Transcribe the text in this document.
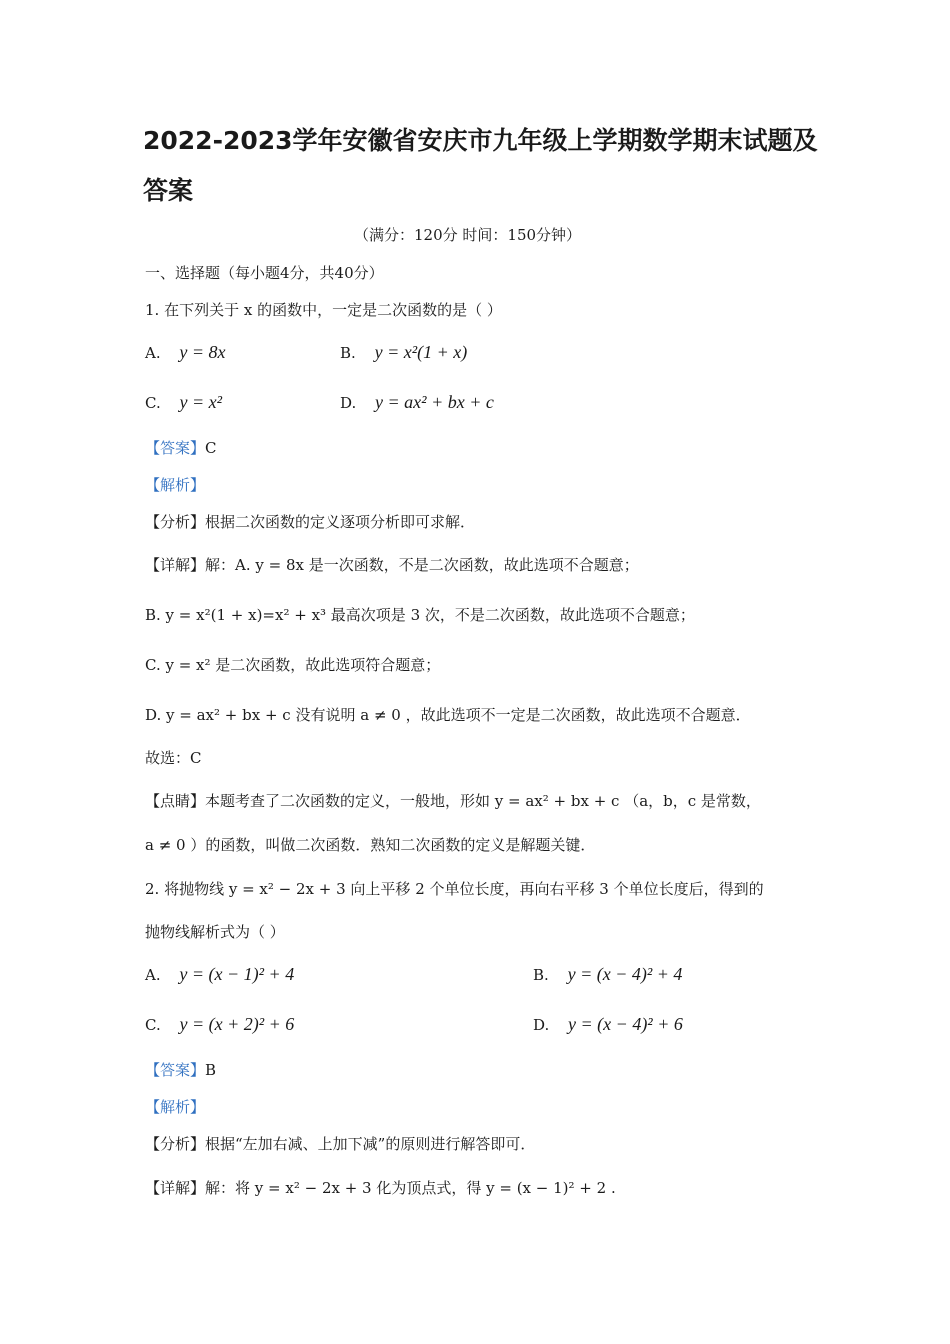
2022-2023学年安徽省安庆市九年级上学期数学期末试题及答案
（满分：120分 时间：150分钟）
一、选择题（每小题4分，共40分）
1. 在下列关于 x 的函数中，一定是二次函数的是（ ）
A. y = 8x	B. y = x²(1 + x)
C. y = x²	D. y = ax² + bx + c
【答案】C
【解析】
【分析】根据二次函数的定义逐项分析即可求解．
【详解】解：A. y = 8x 是一次函数，不是二次函数，故此选项不合题意；
B. y = x²(1 + x)=x² + x³ 最高次项是 3 次，不是二次函数，故此选项不合题意；
C. y = x² 是二次函数，故此选项符合题意；
D. y = ax² + bx + c 没有说明 a ≠ 0 ，故此选项不一定是二次函数，故此选项不合题意．
故选：C
【点睛】本题考查了二次函数的定义，一般地，形如 y = ax² + bx + c （a，b，c 是常数，
a ≠ 0 ）的函数，叫做二次函数．熟知二次函数的定义是解题关键．
2. 将抛物线 y = x² − 2x + 3 向上平移 2 个单位长度，再向右平移 3 个单位长度后，得到的
抛物线解析式为（ ）
A. y = (x − 1)² + 4	B. y = (x − 4)² + 4
C. y = (x + 2)² + 6	D. y = (x − 4)² + 6
【答案】B
【解析】
【分析】根据“左加右减、上加下减”的原则进行解答即可．
【详解】解：将 y = x² − 2x + 3 化为顶点式，得 y = (x − 1)² + 2 .
